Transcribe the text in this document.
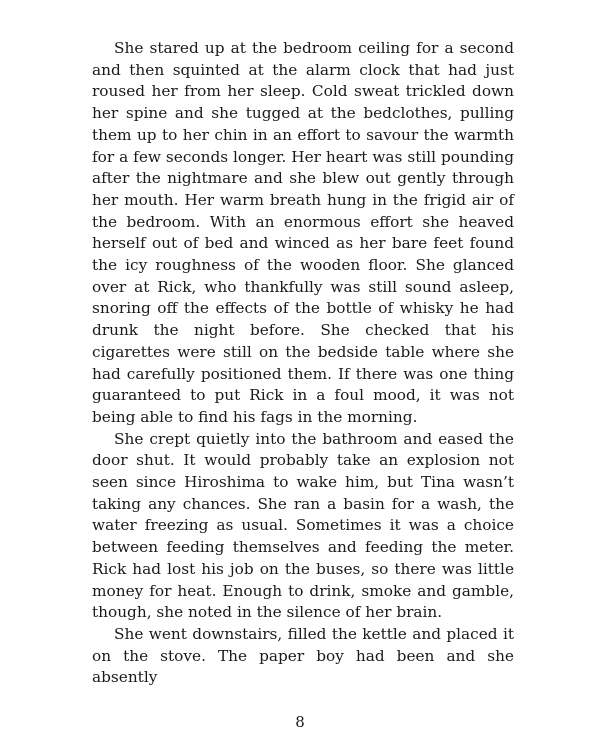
She stared up at the bedroom ceiling for a second and then squinted at the alarm clock that had just roused her from her sleep. Cold sweat trickled down her spine and she tugged at the bedclothes, pulling them up to her chin in an effort to savour the warmth for a few seconds longer. Her heart was still pounding after the nightmare and she blew out gently through her mouth. Her warm breath hung in the frigid air of the bedroom. With an enormous effort she heaved herself out of bed and winced as her bare feet found the icy roughness of the wooden floor. She glanced over at Rick, who thankfully was still sound asleep, snoring off the effects of the bottle of whisky he had drunk the night before. She checked that his cigarettes were still on the bedside table where she had carefully positioned them. If there was one thing guaranteed to put Rick in a foul mood, it was not being able to find his fags in the morning.

She crept quietly into the bathroom and eased the door shut. It would probably take an explosion not seen since Hiroshima to wake him, but Tina wasn’t taking any chances. She ran a basin for a wash, the water freezing as usual. Sometimes it was a choice between feeding themselves and feeding the meter. Rick had lost his job on the buses, so there was little money for heat. Enough to drink, smoke and gamble, though, she noted in the silence of her brain.

She went downstairs, filled the kettle and placed it on the stove. The paper boy had been and she absently

8
